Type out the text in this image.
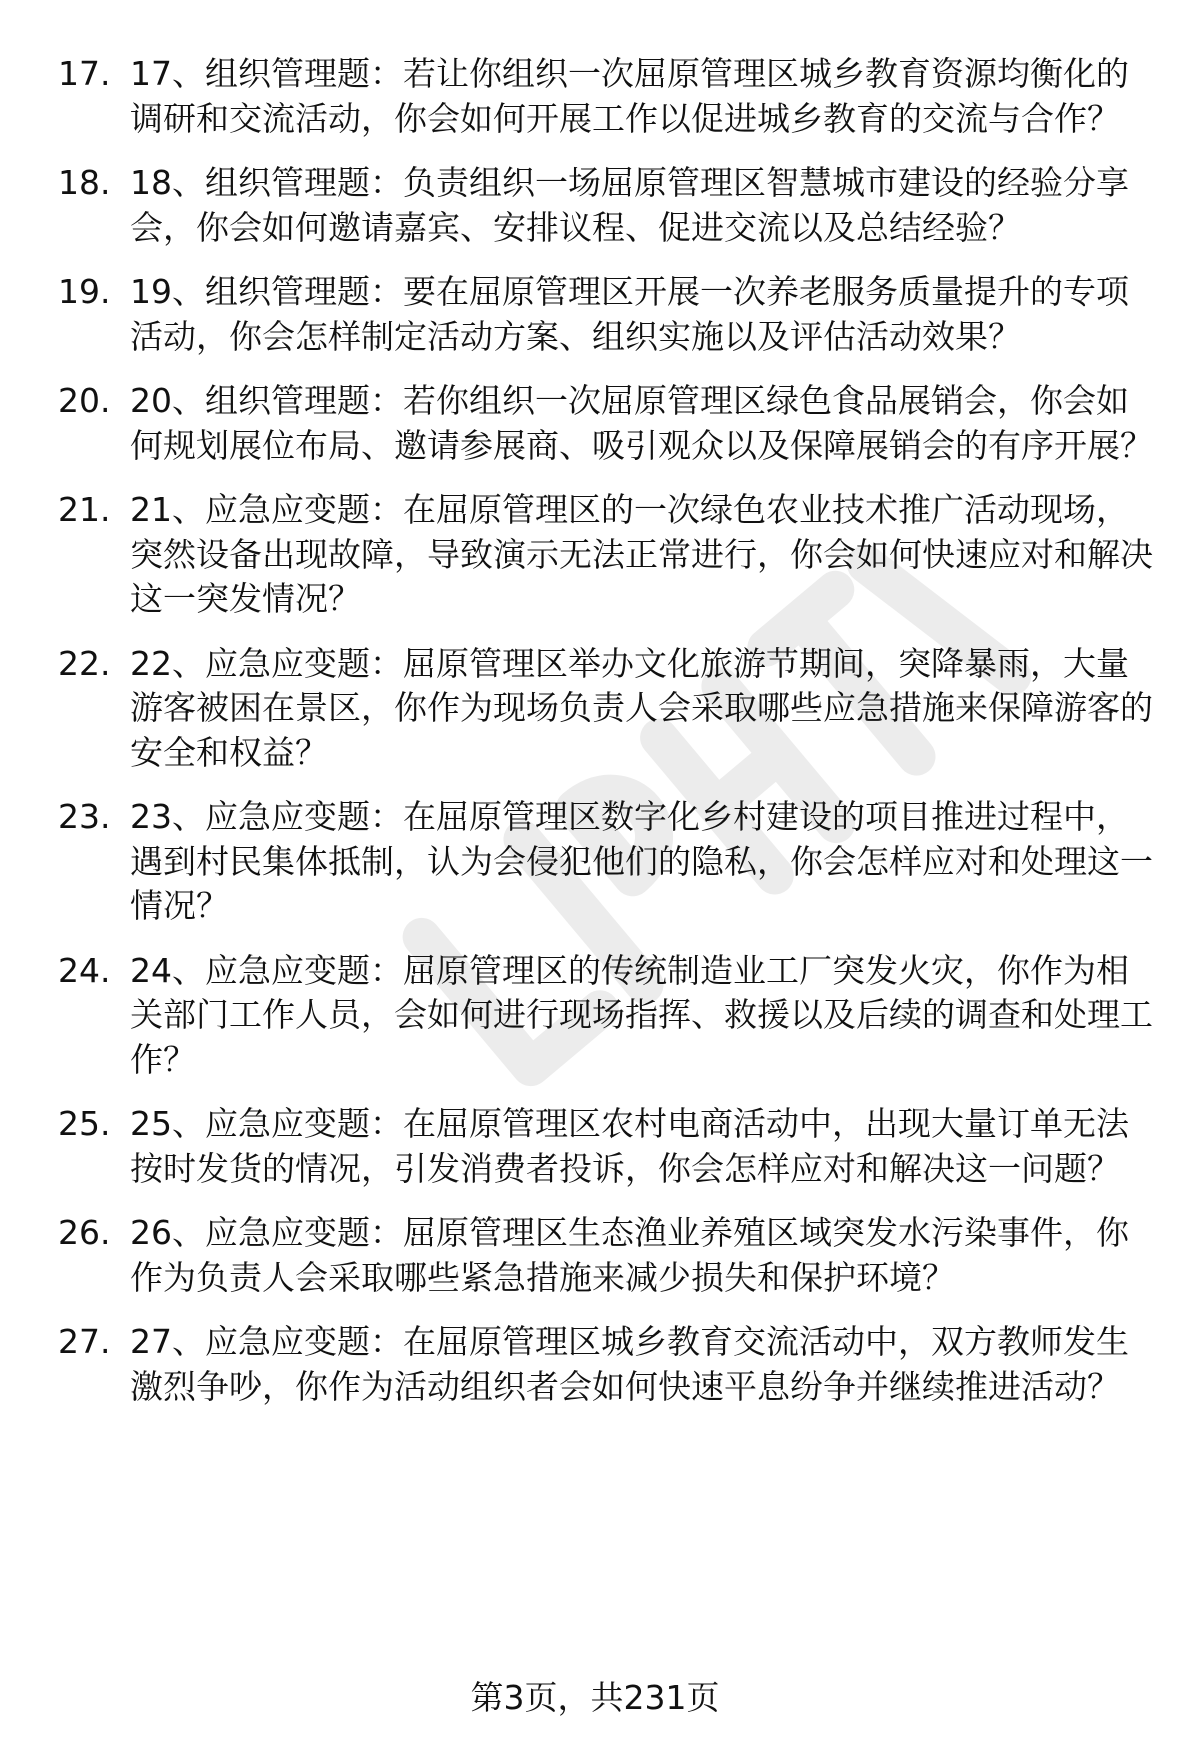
17. 17、组织管理题：若让你组织一次屈原管理区城乡教育资源均衡化的调研和交流活动，你会如何开展工作以促进城乡教育的交流与合作？
18. 18、组织管理题：负责组织一场屈原管理区智慧城市建设的经验分享会，你会如何邀请嘉宾、安排议程、促进交流以及总结经验？
19. 19、组织管理题：要在屈原管理区开展一次养老服务质量提升的专项活动，你会怎样制定活动方案、组织实施以及评估活动效果？
20. 20、组织管理题：若你组织一次屈原管理区绿色食品展销会，你会如何规划展位布局、邀请参展商、吸引观众以及保障展销会的有序开展？
21. 21、应急应变题：在屈原管理区的一次绿色农业技术推广活动现场，突然设备出现故障，导致演示无法正常进行，你会如何快速应对和解决这一突发情况？
22. 22、应急应变题：屈原管理区举办文化旅游节期间，突降暴雨，大量游客被困在景区，你作为现场负责人会采取哪些应急措施来保障游客的安全和权益？
23. 23、应急应变题：在屈原管理区数字化乡村建设的项目推进过程中，遇到村民集体抵制，认为会侵犯他们的隐私，你会怎样应对和处理这一情况？
24. 24、应急应变题：屈原管理区的传统制造业工厂突发火灾，你作为相关部门工作人员，会如何进行现场指挥、救援以及后续的调查和处理工作？
25. 25、应急应变题：在屈原管理区农村电商活动中，出现大量订单无法按时发货的情况，引发消费者投诉，你会怎样应对和解决这一问题？
26. 26、应急应变题：屈原管理区生态渔业养殖区域突发水污染事件，你作为负责人会采取哪些紧急措施来减少损失和保护环境？
27. 27、应急应变题：在屈原管理区城乡教育交流活动中，双方教师发生激烈争吵，你作为活动组织者会如何快速平息纷争并继续推进活动？
第3页，共231页
